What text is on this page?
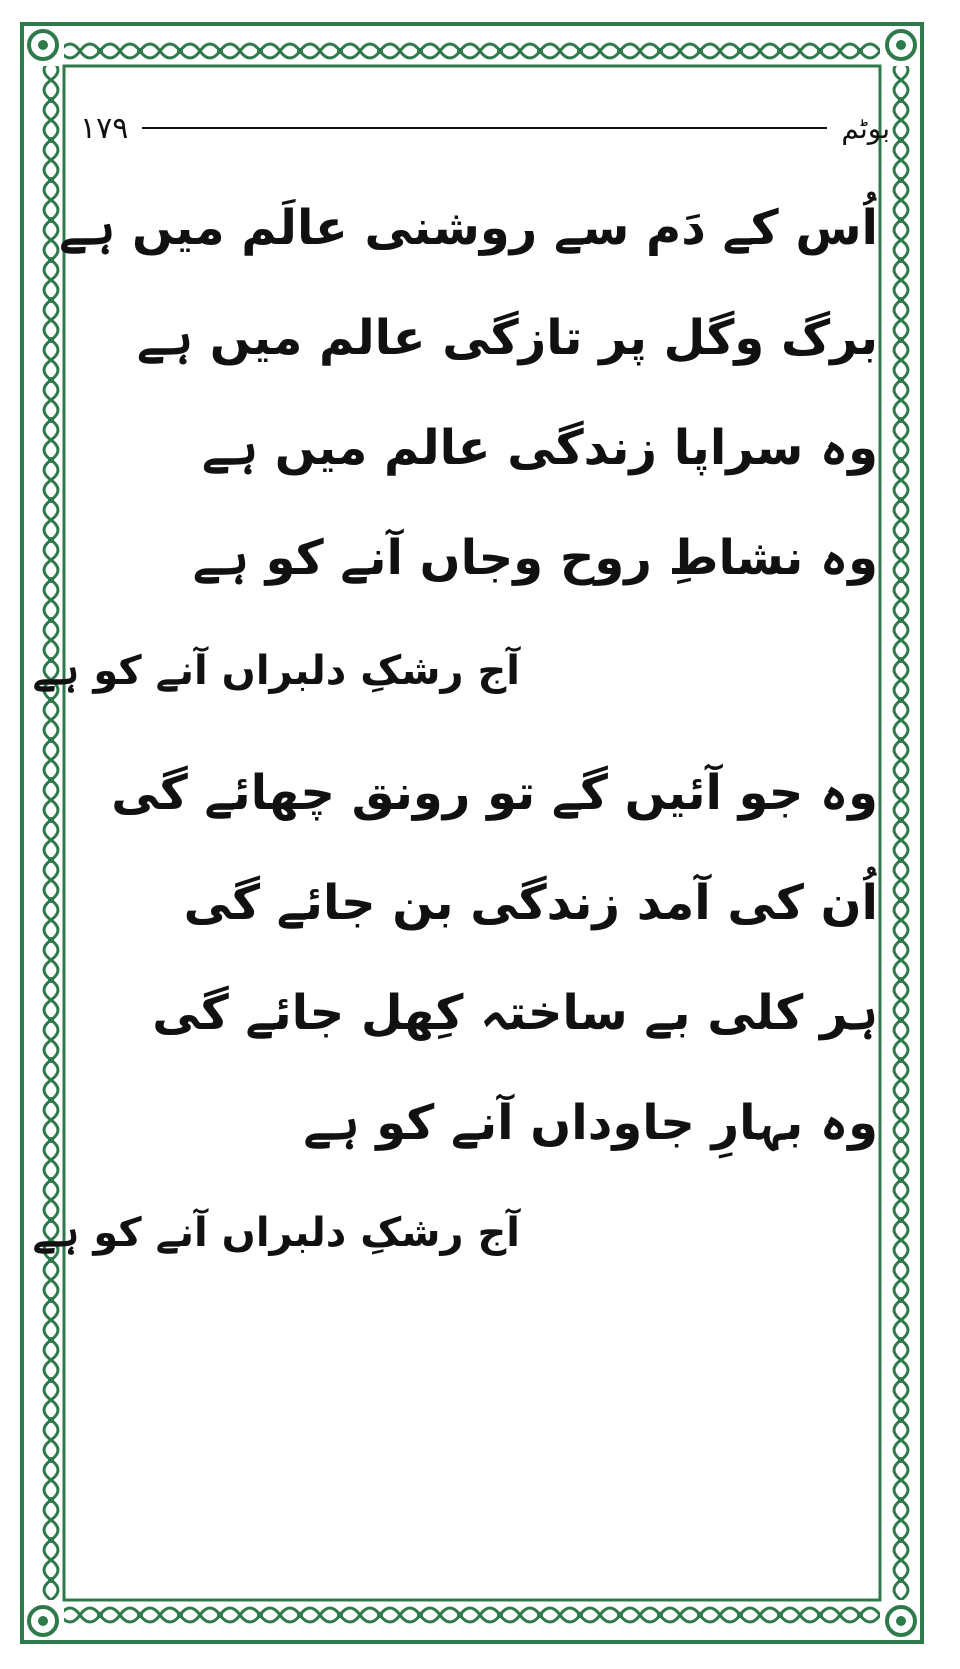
۱۷۹	بوٹم
اُس کے دَم سے روشنی عالَم میں ہے
برگ وگل پر تازگی عالم میں ہے
وہ سراپا زندگی عالم میں ہے
وہ نشاطِ روح وجاں آنے کو ہے
آج رشکِ دلبراں آنے کو ہے
وہ جو آئیں گے تو رونق چھائے گی
اُن کی آمد زندگی بن جائے گی
ہر کلی بے ساختہ کِھل جائے گی
وہ بہارِ جاوداں آنے کو ہے
آج رشکِ دلبراں آنے کو ہے
